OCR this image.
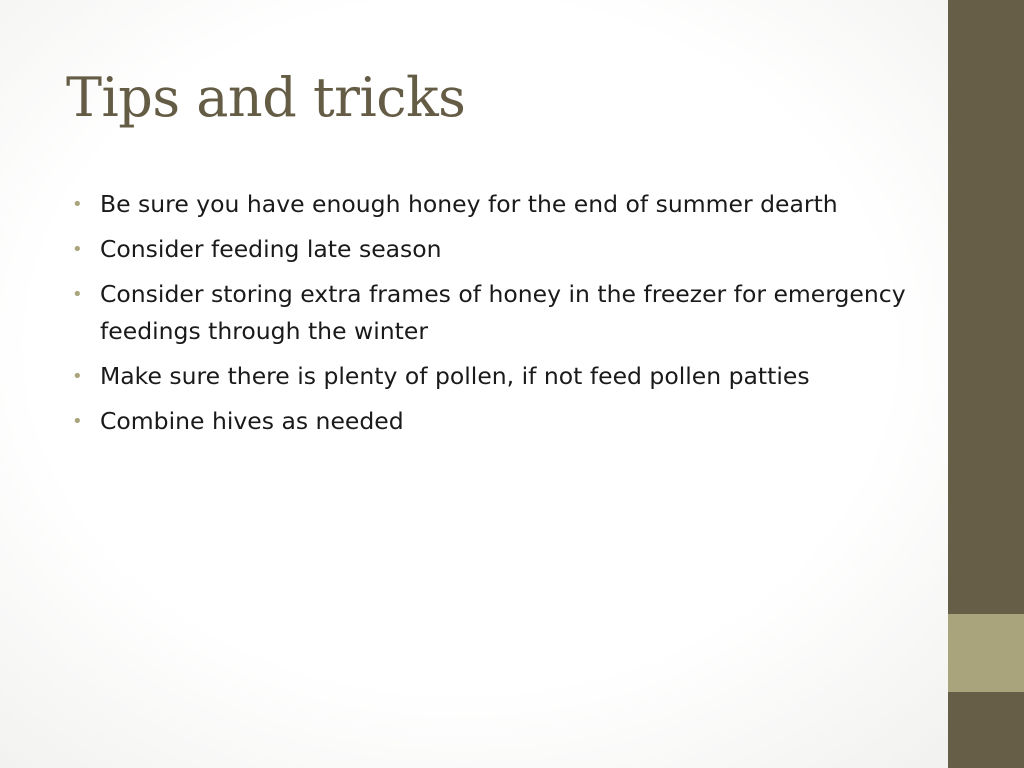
Tips and tricks
• Be sure you have enough honey for the end of summer dearth
• Consider feeding late season
• Consider storing extra frames of honey in the freezer for emergency feedings through the winter
• Make sure there is plenty of pollen, if not feed pollen patties
• Combine hives as needed
